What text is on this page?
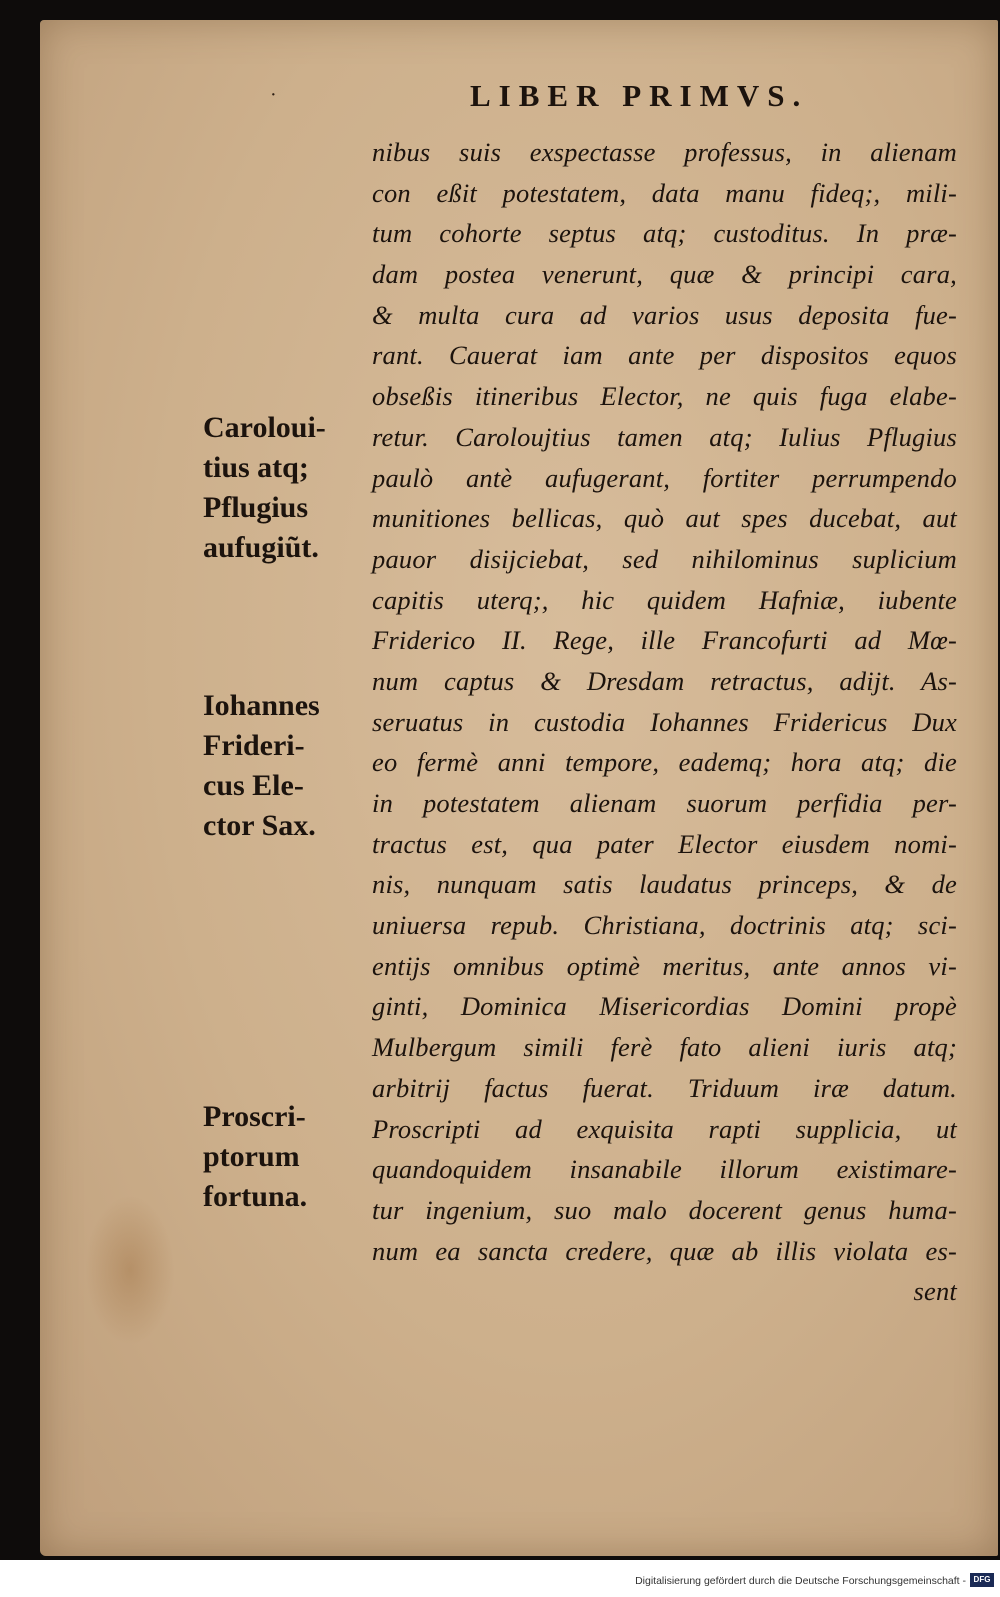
·	LIBER PRIMVS.
nibus suis exspectasse professus, in alienam
con eßit potestatem, data manu fideq;, mili-
tum cohorte septus atq; custoditus. In præ-
dam postea venerunt, quæ & principi cara,
& multa cura ad varios usus deposita fue-
rant. Cauerat iam ante per dispositos equos
obseßis itineribus Elector, ne quis fuga elabe-
retur. Caroloujtius tamen atq; Iulius Pflugius
paulò antè aufugerant, fortiter perrumpendo
munitiones bellicas, quò aut spes ducebat, aut
pauor disijciebat, sed nihilominus suplicium
capitis uterq;, hic quidem Hafniæ, iubente
Friderico II. Rege, ille Francofurti ad Mœ-
num captus & Dresdam retractus, adijt. As-
seruatus in custodia Iohannes Fridericus Dux
eo fermè anni tempore, eademq; hora atq; die
in potestatem alienam suorum perfidia per-
tractus est, qua pater Elector eiusdem nomi-
nis, nunquam satis laudatus princeps, & de
uniuersa repub. Christiana, doctrinis atq; sci-
entijs omnibus optimè meritus, ante annos vi-
ginti, Dominica Misericordias Domini propè
Mulbergum simili ferè fato alieni iuris atq;
arbitrij factus fuerat. Triduum iræ datum.
Proscripti ad exquisita rapti supplicia, ut
quandoquidem insanabile illorum existimare-
tur ingenium, suo malo docerent genus huma-
num ea sancta credere, quæ ab illis violata es-
sent
Caroloui-
tius atq;
Pflugius
aufugiũt.
Iohannes
Frideri-
cus Ele-
ctor Sax.
Proscri-
ptorum
fortuna.
Digitalisierung gefördert durch die Deutsche Forschungsgemeinschaft - DFG
